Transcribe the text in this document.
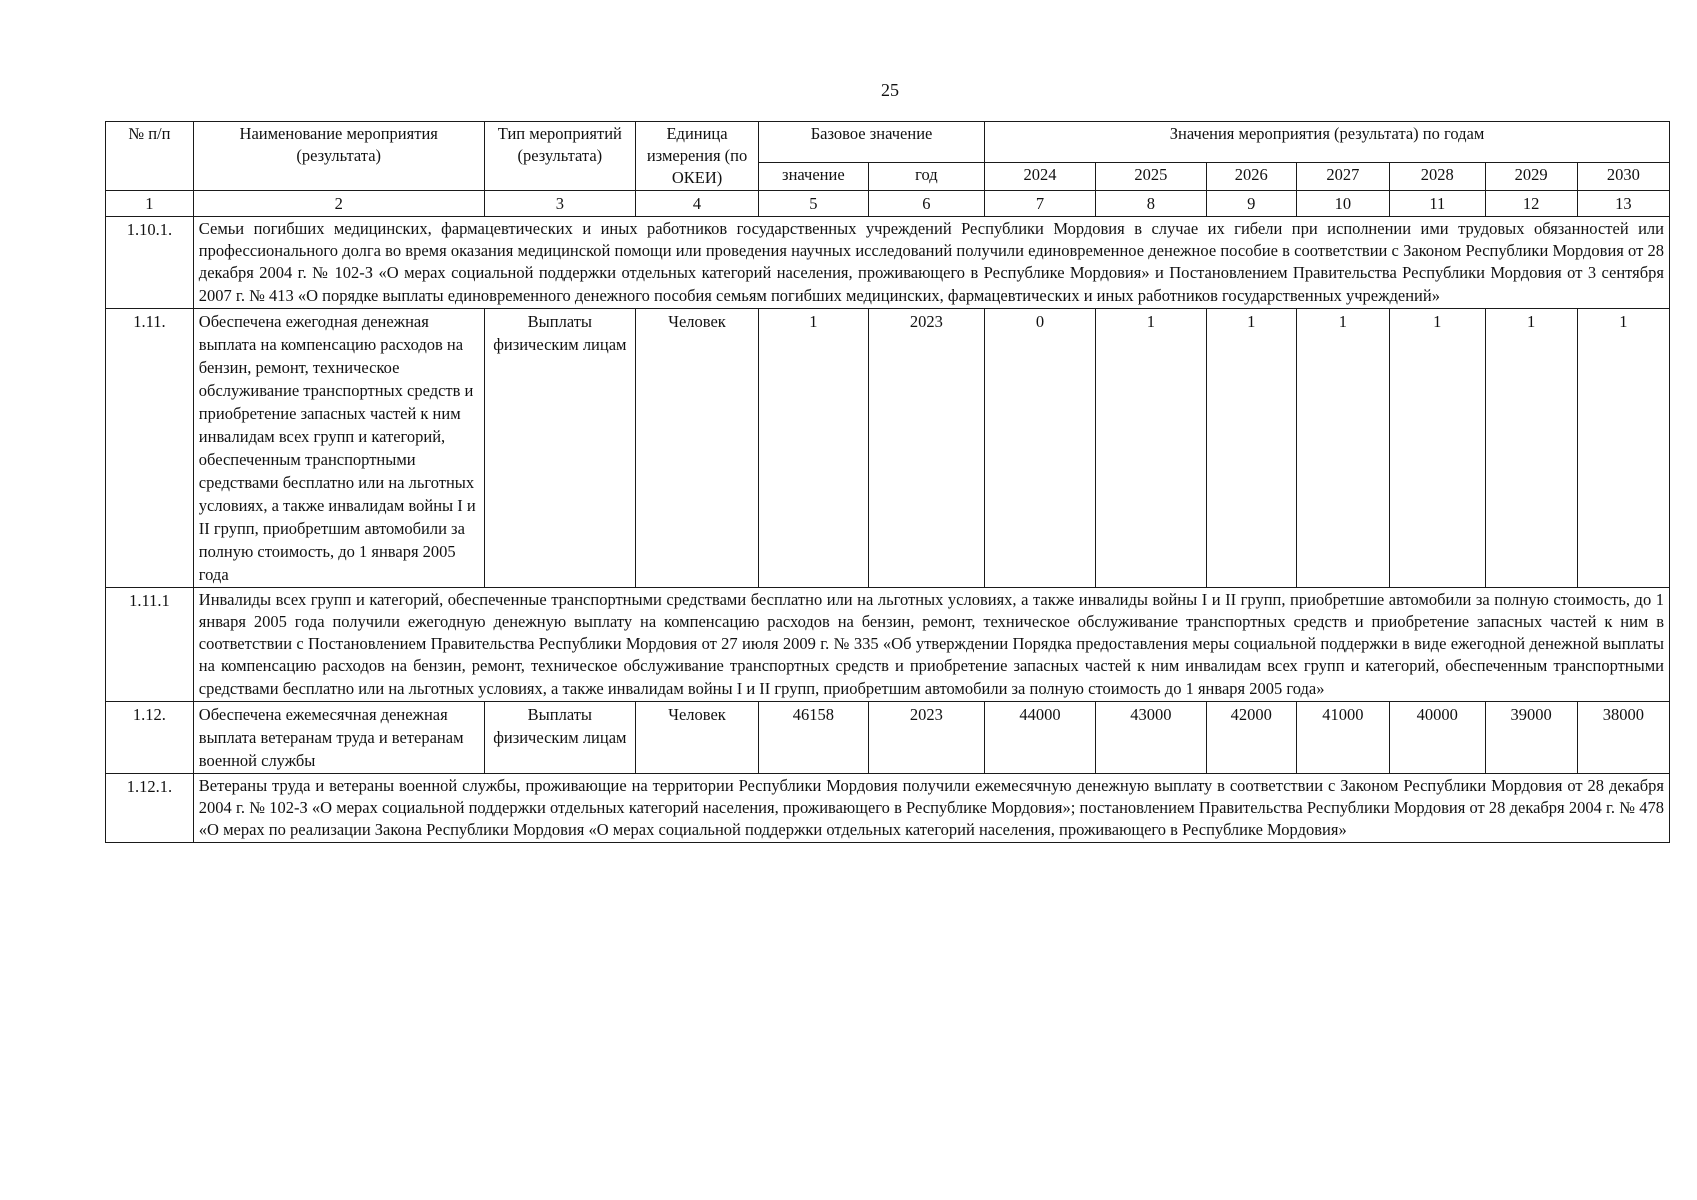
25
№ п/п	Наименование мероприятия (результата)	Тип мероприятий (результата)	Единица измерения (по ОКЕИ)	Базовое значение		Значения мероприятия (результата) по годам						
				значение	год	2024	2025	2026	2027	2028	2029	2030
1	2	3	4	5	6	7	8	9	10	11	12	13
1.10.1.	Семьи погибших медицинских, фармацевтических и иных работников государственных учреждений Республики Мордовия в случае их гибели при исполнении ими трудовых обязанностей или профессионального долга во время оказания медицинской помощи или проведения научных исследований получили единовременное денежное пособие в соответствии с Законом Республики Мордовия от 28 декабря 2004 г. № 102-З «О мерах социальной поддержки отдельных категорий населения, проживающего в Республике Мордовия» и Постановлением Правительства Республики Мордовия от 3 сентября 2007 г. № 413 «О порядке выплаты единовременного денежного пособия семьям погибших медицинских, фармацевтических и иных работников государственных учреждений»											
1.11.	Обеспечена ежегодная денежная выплата на компенсацию расходов на бензин, ремонт, техническое обслуживание транспортных средств и приобретение запасных частей к ним инвалидам всех групп и категорий, обеспеченным транспортными средствами бесплатно или на льготных условиях, а также инвалидам войны I и II групп, приобретшим автомобили за полную стоимость, до 1 января 2005 года	Выплаты физическим лицам	Человек	1	2023	0	1	1	1	1	1	1
1.11.1	Инвалиды всех групп и категорий, обеспеченные транспортными средствами бесплатно или на льготных условиях, а также инвалиды войны I и II групп, приобретшие автомобили за полную стоимость, до 1 января 2005 года получили ежегодную денежную выплату на компенсацию расходов на бензин, ремонт, техническое обслуживание транспортных средств и приобретение запасных частей к ним в соответствии с Постановлением Правительства Республики Мордовия от 27 июля 2009 г. № 335 «Об утверждении Порядка предоставления меры социальной поддержки в виде ежегодной денежной выплаты на компенсацию расходов на бензин, ремонт, техническое обслуживание транспортных средств и приобретение запасных частей к ним инвалидам всех групп и категорий, обеспеченным транспортными средствами бесплатно или на льготных условиях, а также инвалидам войны I и II групп, приобретшим автомобили за полную стоимость до 1 января 2005 года»											
1.12.	Обеспечена ежемесячная денежная выплата ветеранам труда и ветеранам военной службы	Выплаты физическим лицам	Человек	46158	2023	44000	43000	42000	41000	40000	39000	38000
1.12.1.	Ветераны труда и ветераны военной службы, проживающие на территории Республики Мордовия получили ежемесячную денежную выплату в соответствии с Законом Республики Мордовия от 28 декабря 2004 г. № 102-З «О мерах социальной поддержки отдельных категорий населения, проживающего в Республике Мордовия»; постановлением Правительства Республики Мордовия от 28 декабря 2004 г. № 478 «О мерах по реализации Закона Республики Мордовия «О мерах социальной поддержки отдельных категорий населения, проживающего в Республике Мордовия»											
